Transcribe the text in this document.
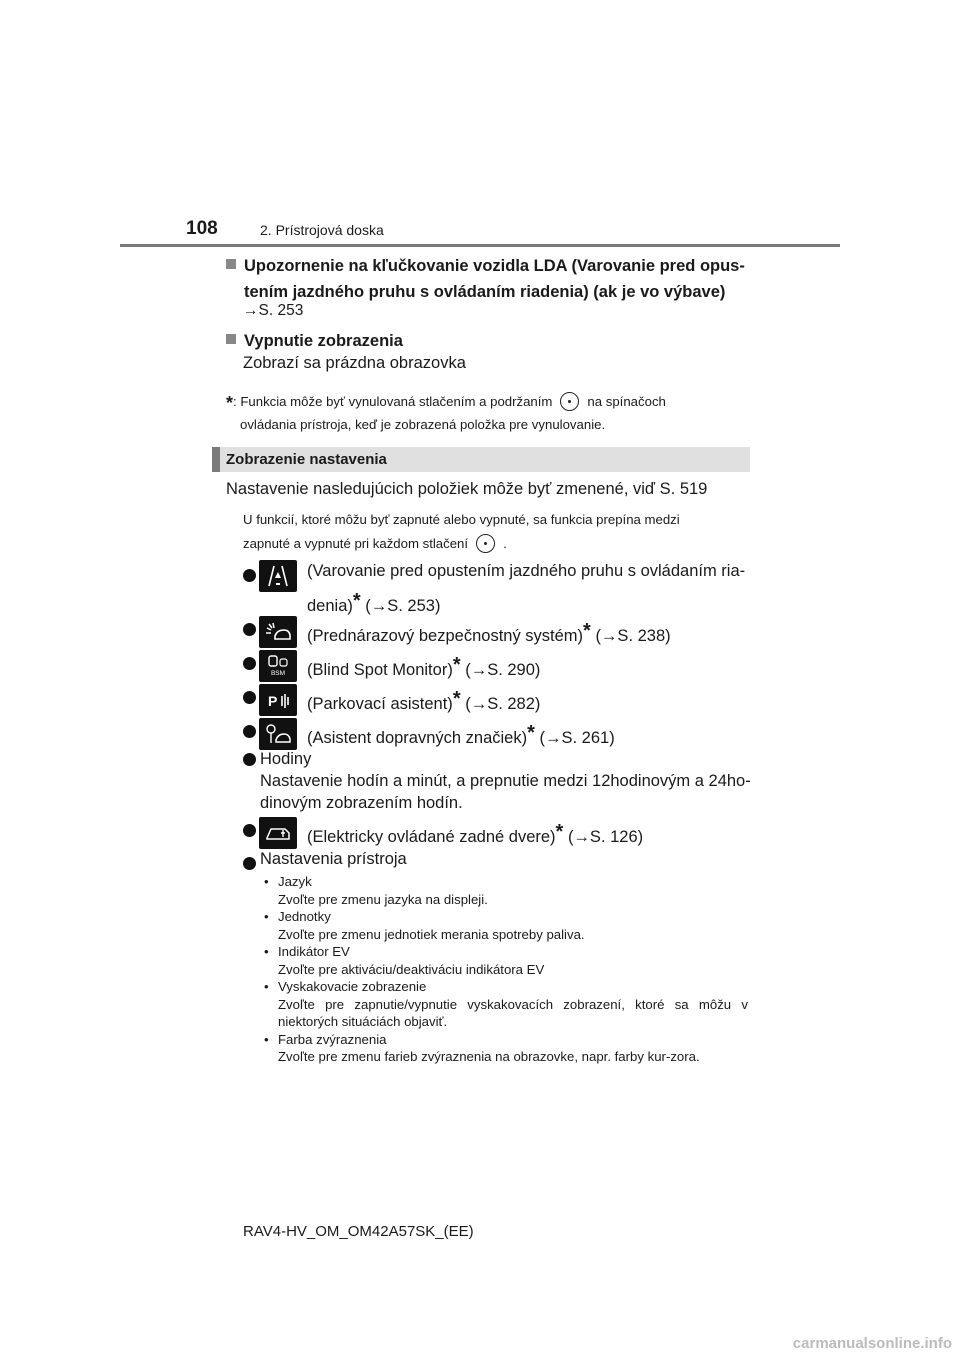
108	2. Prístrojová doska
Upozornenie na kľučkovanie vozidla LDA (Varovanie pred opus-
tením jazdného pruhu s ovládaním riadenia) (ak je vo výbave)
→S. 253
Vypnutie zobrazenia
Zobrazí sa prázdna obrazovka
*: Funkcia môže byť vynulovaná stlačením a podržaním	na spínačoch
ovládania prístroja, keď je zobrazená položka pre vynulovanie.
Zobrazenie nastavenia
Nastavenie nasledujúcich položiek môže byť zmenené, viď S. 519
U funkcií, ktoré môžu byť zapnuté alebo vypnuté, sa funkcia prepína medzi
zapnuté a vypnuté pri každom stlačení	.
(Varovanie pred opustením jazdného pruhu s ovládaním ria-
denia)* (→S. 253)
(Prednárazový bezpečnostný systém)* (→S. 238)
BSM (Blind Spot Monitor)* (→S. 290)
P (Parkovací asistent)* (→S. 282)
(Asistent dopravných značiek)* (→S. 261)
Hodiny
Nastavenie hodín a minút, a prepnutie medzi 12hodinovým a 24ho-
dinovým zobrazením hodín.
(Elektricky ovládané zadné dvere)* (→S. 126)
Nastavenia prístroja
• Jazyk
Zvoľte pre zmenu jazyka na displeji.
• Jednotky
Zvoľte pre zmenu jednotiek merania spotreby paliva.
• Indikátor EV
Zvoľte pre aktiváciu/deaktiváciu indikátora EV
• Vyskakovacie zobrazenie
Zvoľte pre zapnutie/vypnutie vyskakovacích zobrazení, ktoré sa môžu v niektorých situáciách objaviť.
• Farba zvýraznenia
Zvoľte pre zmenu farieb zvýraznenia na obrazovke, napr. farby kur-zora.
RAV4-HV_OM_OM42A57SK_(EE)
carmanualsonline.info
